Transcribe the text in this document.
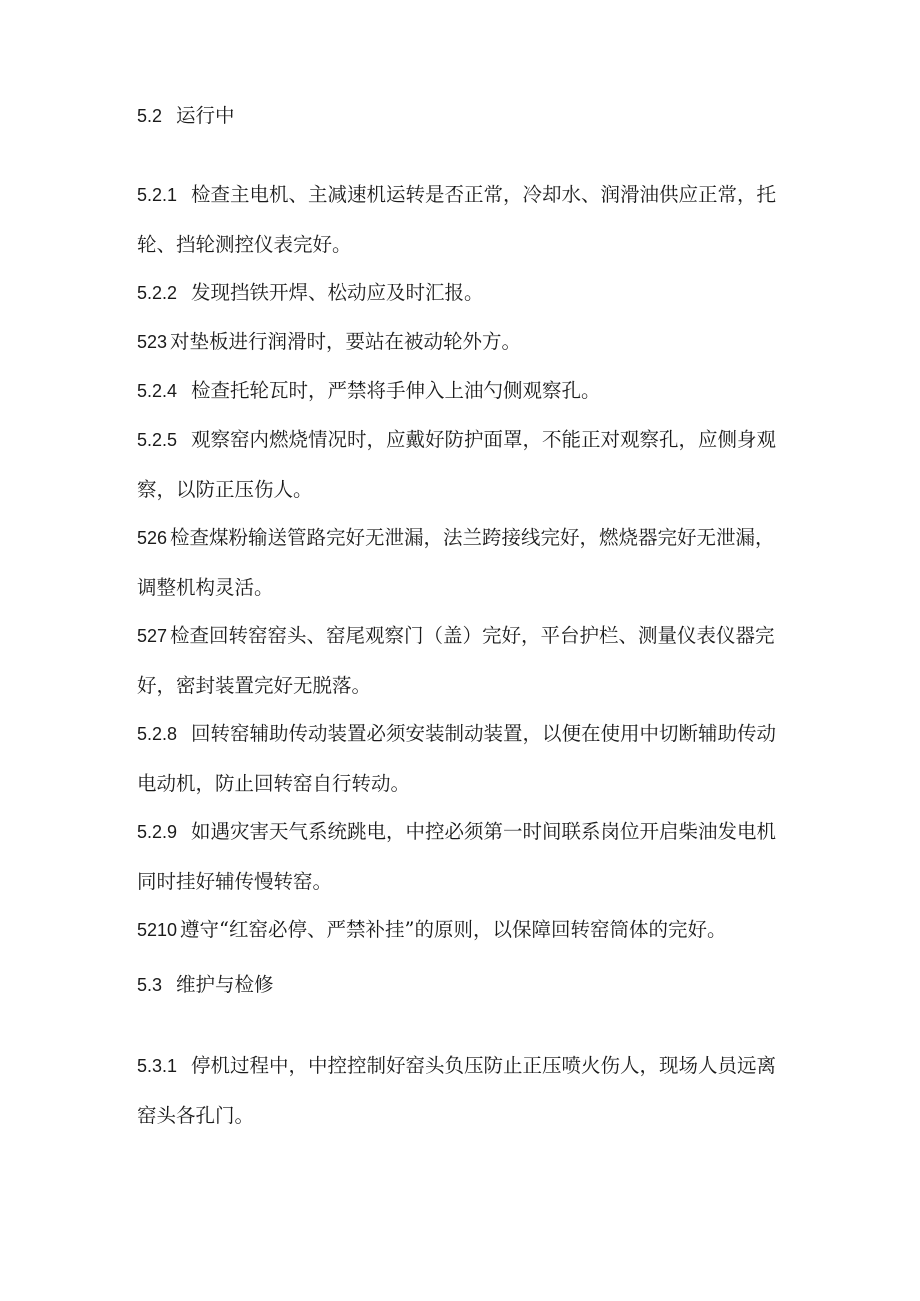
5.2 运行中

5.2.1 检查主电机、主减速机运转是否正常，冷却水、润滑油供应正常，托轮、挡轮测控仪表完好。

5.2.2 发现挡铁开焊、松动应及时汇报。

523 对垫板进行润滑时，要站在被动轮外方。

5.2.4 检查托轮瓦时，严禁将手伸入上油勺侧观察孔。

5.2.5 观察窑内燃烧情况时，应戴好防护面罩，不能正对观察孔，应侧身观察，以防正压伤人。

526 检查煤粉输送管路完好无泄漏，法兰跨接线完好，燃烧器完好无泄漏，调整机构灵活。

527 检查回转窑窑头、窑尾观察门（盖）完好，平台护栏、测量仪表仪器完好，密封装置完好无脱落。

5.2.8 回转窑辅助传动装置必须安装制动装置，以便在使用中切断辅助传动电动机，防止回转窑自行转动。

5.2.9 如遇灾害天气系统跳电，中控必须第一时间联系岗位开启柴油发电机同时挂好辅传慢转窑。

5210 遵守“红窑必停、严禁补挂”的原则，以保障回转窑筒体的完好。

5.3 维护与检修

5.3.1 停机过程中，中控控制好窑头负压防止正压喷火伤人，现场人员远离窑头各孔门。
